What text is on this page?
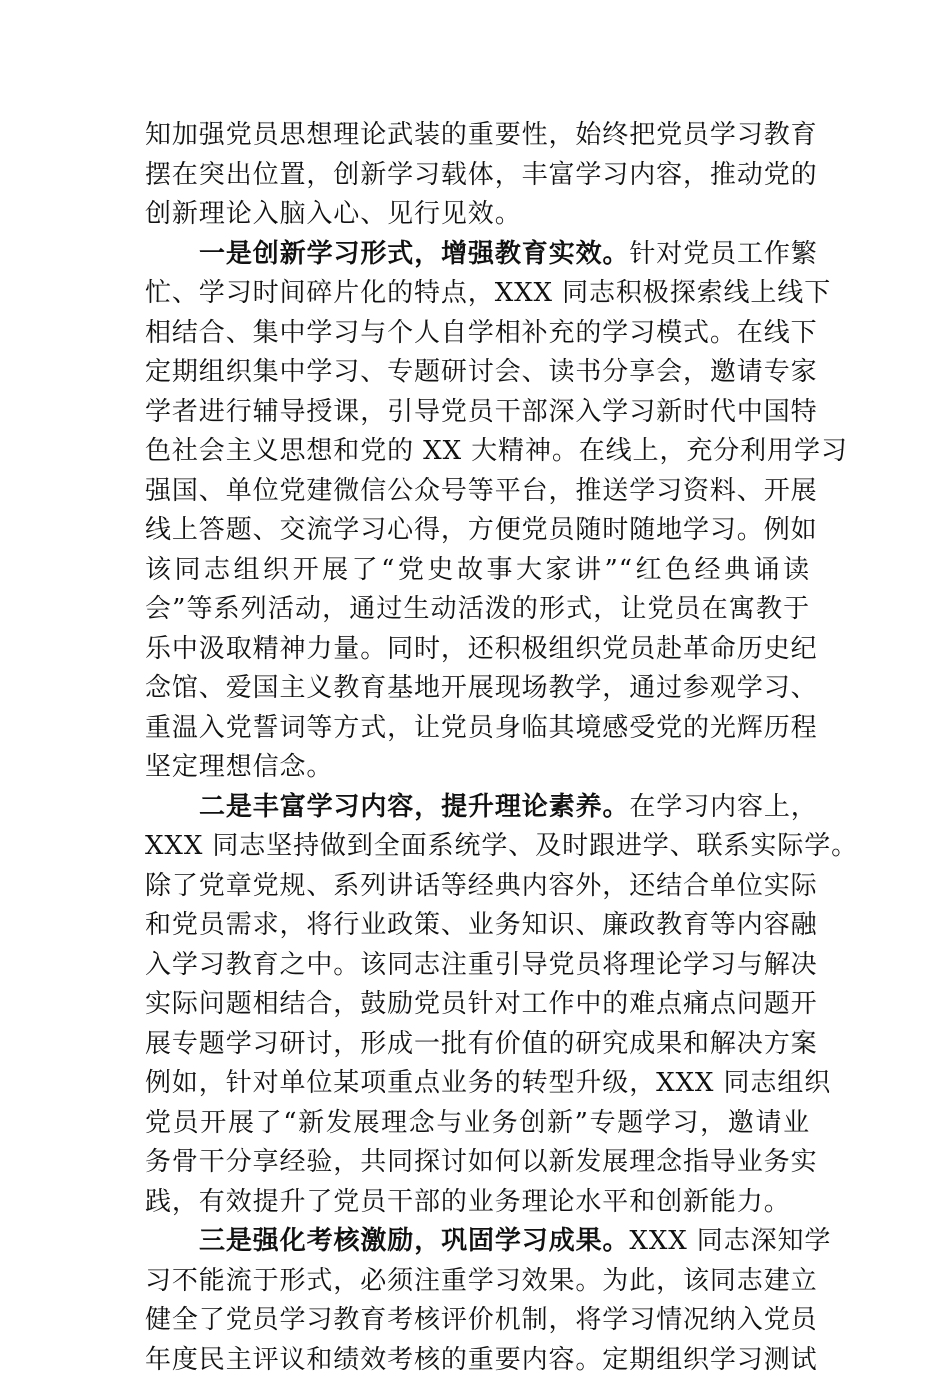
知加强党员思想理论武装的重要性，始终把党员学习教育
摆在突出位置，创新学习载体，丰富学习内容，推动党的
创新理论入脑入心、见行见效。
一是创新学习形式，增强教育实效。针对党员工作繁
忙、学习时间碎片化的特点，XXX 同志积极探索线上线下
相结合、集中学习与个人自学相补充的学习模式。在线下
定期组织集中学习、专题研讨会、读书分享会，邀请专家
学者进行辅导授课，引导党员干部深入学习新时代中国特
色社会主义思想和党的 XX 大精神。在线上，充分利用学习
强国、单位党建微信公众号等平台，推送学习资料、开展
线上答题、交流学习心得，方便党员随时随地学习。例如
该同志组织开展了“党史故事大家讲”“红色经典诵读
会”等系列活动，通过生动活泼的形式，让党员在寓教于
乐中汲取精神力量。同时，还积极组织党员赴革命历史纪
念馆、爱国主义教育基地开展现场教学，通过参观学习、
重温入党誓词等方式，让党员身临其境感受党的光辉历程
坚定理想信念。
二是丰富学习内容，提升理论素养。在学习内容上，
XXX 同志坚持做到全面系统学、及时跟进学、联系实际学。
除了党章党规、系列讲话等经典内容外，还结合单位实际
和党员需求，将行业政策、业务知识、廉政教育等内容融
入学习教育之中。该同志注重引导党员将理论学习与解决
实际问题相结合，鼓励党员针对工作中的难点痛点问题开
展专题学习研讨，形成一批有价值的研究成果和解决方案
例如，针对单位某项重点业务的转型升级，XXX 同志组织
党员开展了“新发展理念与业务创新”专题学习，邀请业
务骨干分享经验，共同探讨如何以新发展理念指导业务实
践，有效提升了党员干部的业务理论水平和创新能力。
三是强化考核激励，巩固学习成果。XXX 同志深知学
习不能流于形式，必须注重学习效果。为此，该同志建立
健全了党员学习教育考核评价机制，将学习情况纳入党员
年度民主评议和绩效考核的重要内容。定期组织学习测试
